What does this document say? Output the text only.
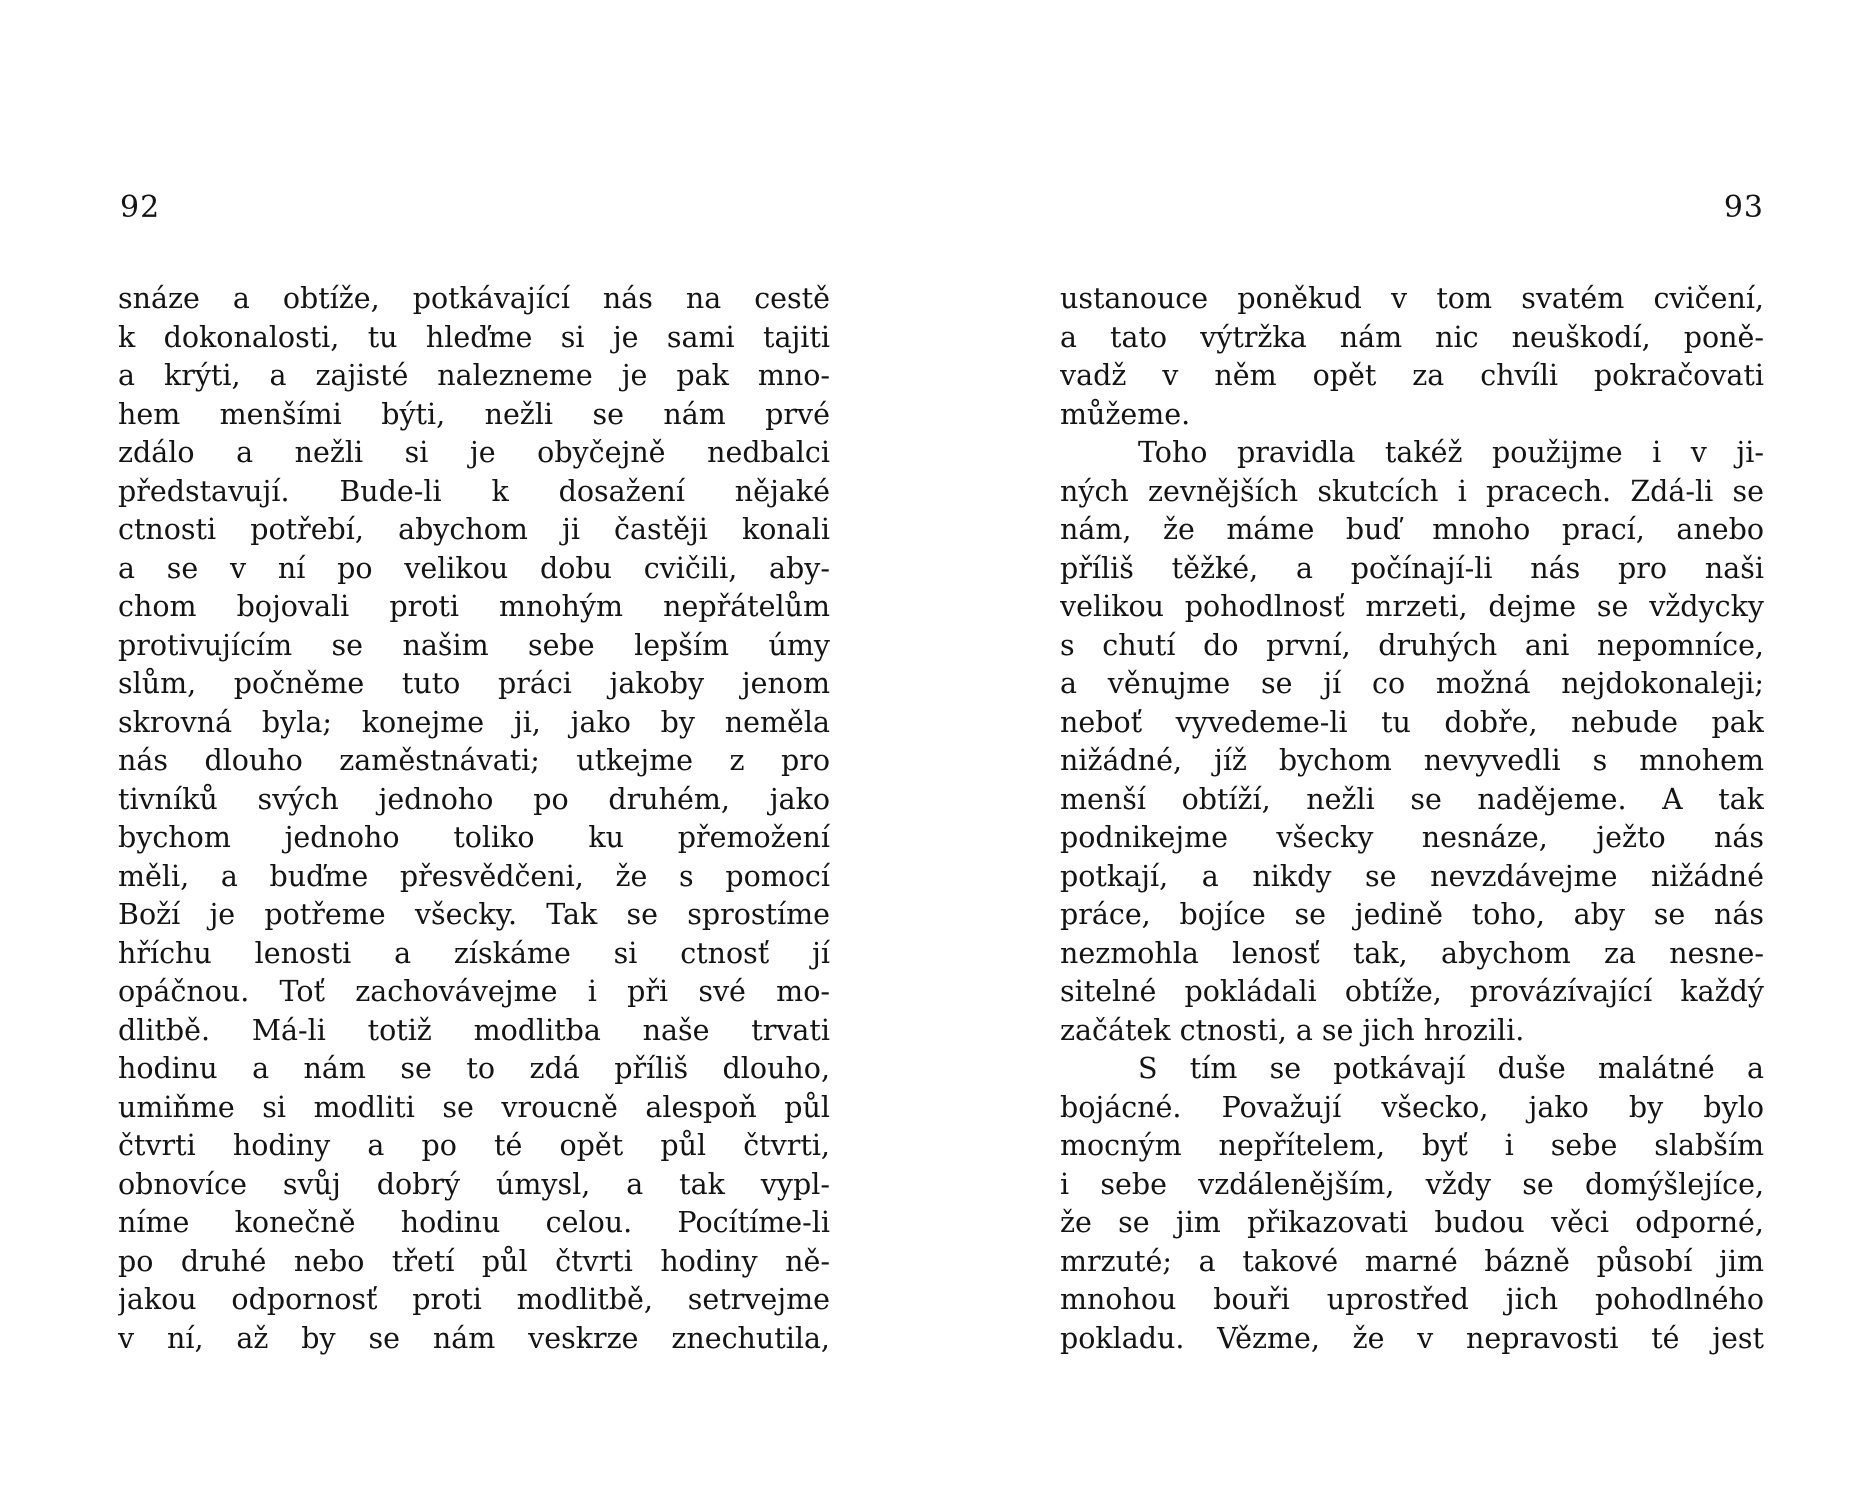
92
snáze a obtíže, potkávající nás na cestě
k dokonalosti, tu hleďme si je sami tajiti
a krýti, a zajisté nalezneme je pak mno-
hem menšími býti, nežli se nám prvé
zdálo a nežli si je obyčejně nedbalci
představují. Bude-li k dosažení nějaké
ctnosti potřebí, abychom ji častěji konali
a se v ní po velikou dobu cvičili, aby-
chom bojovali proti mnohým nepřátelům
protivujícím se našim sebe lepším úmy
slům, počněme tuto práci jakoby jenom
skrovná byla; konejme ji, jako by neměla
nás dlouho zaměstnávati; utkejme z pro
tivníků svých jednoho po druhém, jako
bychom jednoho toliko ku přemožení
měli, a buďme přesvědčeni, že s pomocí
Boží je potřeme všecky. Tak se sprostíme
hříchu lenosti a získáme si ctnosť jí
opáčnou. Toť zachovávejme i při své mo-
dlitbě. Má-li totiž modlitba naše trvati
hodinu a nám se to zdá příliš dlouho,
umiňme si modliti se vroucně alespoň půl
čtvrti hodiny a po té opět půl čtvrti,
obnovíce svůj dobrý úmysl, a tak vypl-
níme konečně hodinu celou. Pocítíme-li
po druhé nebo třetí půl čtvrti hodiny ně-
jakou odpornosť proti modlitbě, setrvejme
v ní, až by se nám veskrze znechutila,
93
ustanouce poněkud v tom svatém cvičení,
a tato výtržka nám nic neuškodí, poně-
vadž v něm opět za chvíli pokračovati
můžeme.
Toho pravidla takéž použijme i v ji-
ných zevnějších skutcích i pracech. Zdá-li se
nám, že máme buď mnoho prací, anebo
příliš těžké, a počínají-li nás pro naši
velikou pohodlnosť mrzeti, dejme se vždycky
s chutí do první, druhých ani nepomníce,
a věnujme se jí co možná nejdokonaleji;
neboť vyvedeme-li tu dobře, nebude pak
nižádné, jíž bychom nevyvedli s mnohem
menší obtíží, nežli se nadějeme. A tak
podnikejme všecky nesnáze, ježto nás
potkají, a nikdy se nevzdávejme nižádné
práce, bojíce se jedině toho, aby se nás
nezmohla lenosť tak, abychom za nesne-
sitelné pokládali obtíže, provázívající každý
začátek ctnosti, a se jich hrozili.
S tím se potkávají duše malátné a
bojácné. Považují všecko, jako by bylo
mocným nepřítelem, byť i sebe slabším
i sebe vzdálenějším, vždy se domýšlejíce,
že se jim přikazovati budou věci odporné,
mrzuté; a takové marné bázně působí jim
mnohou bouři uprostřed jich pohodlného
pokladu. Vězme, že v nepravosti té jest
